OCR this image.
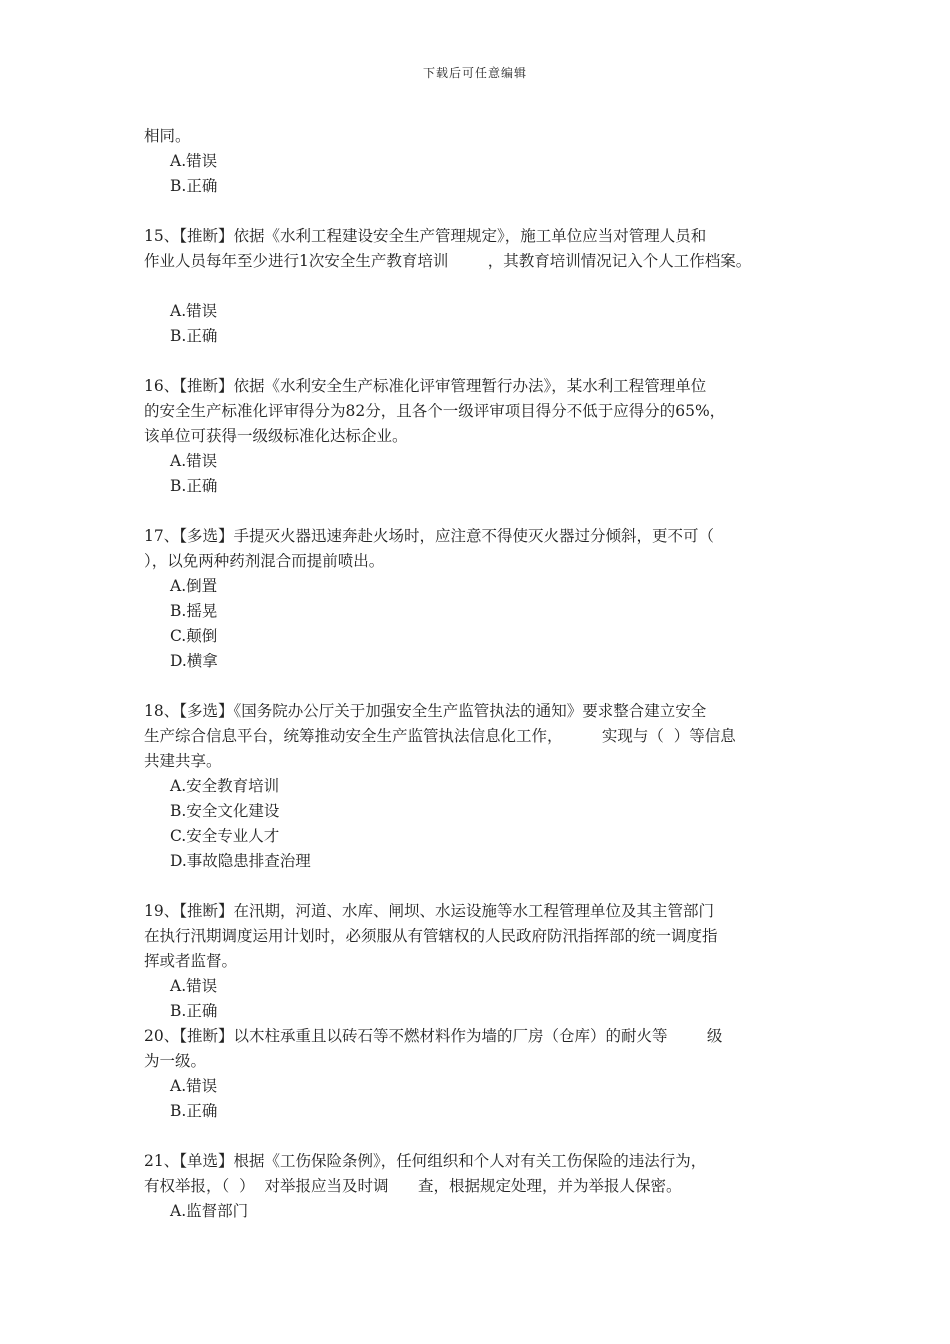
下载后可任意编辑
相同。
A.错误
B.正确
15、【推断】依据《水利工程建设安全生产管理规定》，施工单位应当对管理人员和
作业人员每年至少进行1次安全生产教育培训        ，其教育培训情况记入个人工作档案。
A.错误
B.正确
16、【推断】依据《水利安全生产标准化评审管理暂行办法》，某水利工程管理单位
的安全生产标准化评审得分为82分，且各个一级评审项目得分不低于应得分的65%，
该单位可获得一级级标准化达标企业。
A.错误
B.正确
17、【多选】手提灭火器迅速奔赴火场时，应注意不得使灭火器过分倾斜，更不可（
），以免两种药剂混合而提前喷出。
A.倒置
B.摇晃
C.颠倒
D.横拿
18、【多选】《国务院办公厅关于加强安全生产监管执法的通知》要求整合建立安全
生产综合信息平台，统筹推动安全生产监管执法信息化工作，        实现与（  ）等信息
共建共享。
A.安全教育培训
B.安全文化建设
C.安全专业人才
D.事故隐患排查治理
19、【推断】在汛期，河道、水库、闸坝、水运设施等水工程管理单位及其主管部门
在执行汛期调度运用计划时，必须服从有管辖权的人民政府防汛指挥部的统一调度指
挥或者监督。
A.错误
B.正确
20、【推断】以木柱承重且以砖石等不燃材料作为墙的厂房（仓库）的耐火等        级
为一级。
A.错误
B.正确
21、【单选】根据《工伤保险条例》，任何组织和个人对有关工伤保险的违法行为，
有权举报，（  ）  对举报应当及时调      查，根据规定处理，并为举报人保密。
A.监督部门
